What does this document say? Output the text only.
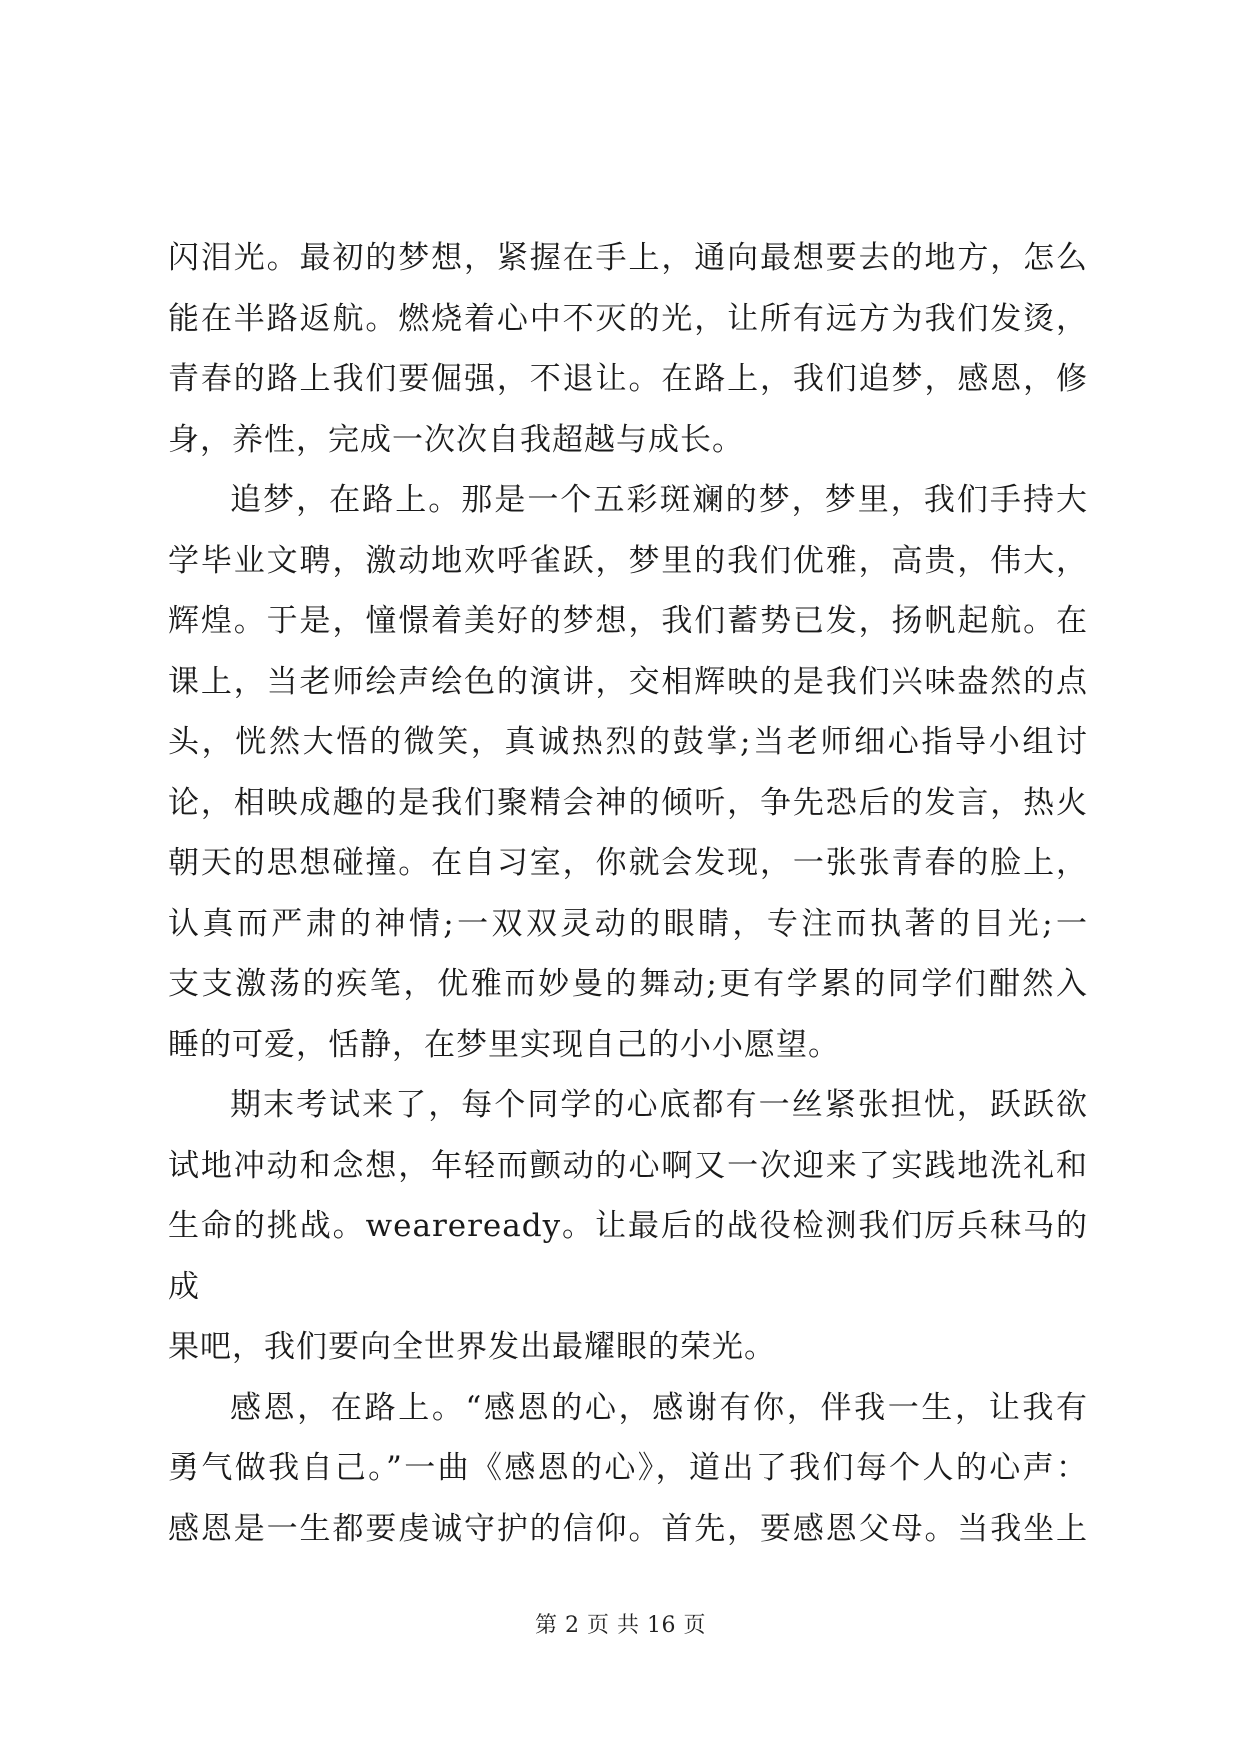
闪泪光。最初的梦想，紧握在手上，通向最想要去的地方，怎么
能在半路返航。燃烧着心中不灭的光，让所有远方为我们发烫，
青春的路上我们要倔强，不退让。在路上，我们追梦，感恩，修
身，养性，完成一次次自我超越与成长。
追梦，在路上。那是一个五彩斑斓的梦，梦里，我们手持大
学毕业文聘，激动地欢呼雀跃，梦里的我们优雅，高贵，伟大，
辉煌。于是，憧憬着美好的梦想，我们蓄势已发，扬帆起航。在
课上，当老师绘声绘色的演讲，交相辉映的是我们兴味盎然的点
头，恍然大悟的微笑，真诚热烈的鼓掌;当老师细心指导小组讨
论，相映成趣的是我们聚精会神的倾听，争先恐后的发言，热火
朝天的思想碰撞。在自习室，你就会发现，一张张青春的脸上，
认真而严肃的神情;一双双灵动的眼睛，专注而执著的目光;一
支支激荡的疾笔，优雅而妙曼的舞动;更有学累的同学们酣然入
睡的可爱，恬静，在梦里实现自己的小小愿望。
期末考试来了，每个同学的心底都有一丝紧张担忧，跃跃欲
试地冲动和念想，年轻而颤动的心啊又一次迎来了实践地洗礼和
生命的挑战。weareready。让最后的战役检测我们厉兵秣马的成
果吧，我们要向全世界发出最耀眼的荣光。
感恩，在路上。“感恩的心，感谢有你，伴我一生，让我有
勇气做我自己。”一曲《感恩的心》，道出了我们每个人的心声：
感恩是一生都要虔诚守护的信仰。首先，要感恩父母。当我坐上
第 2 页 共 16 页
